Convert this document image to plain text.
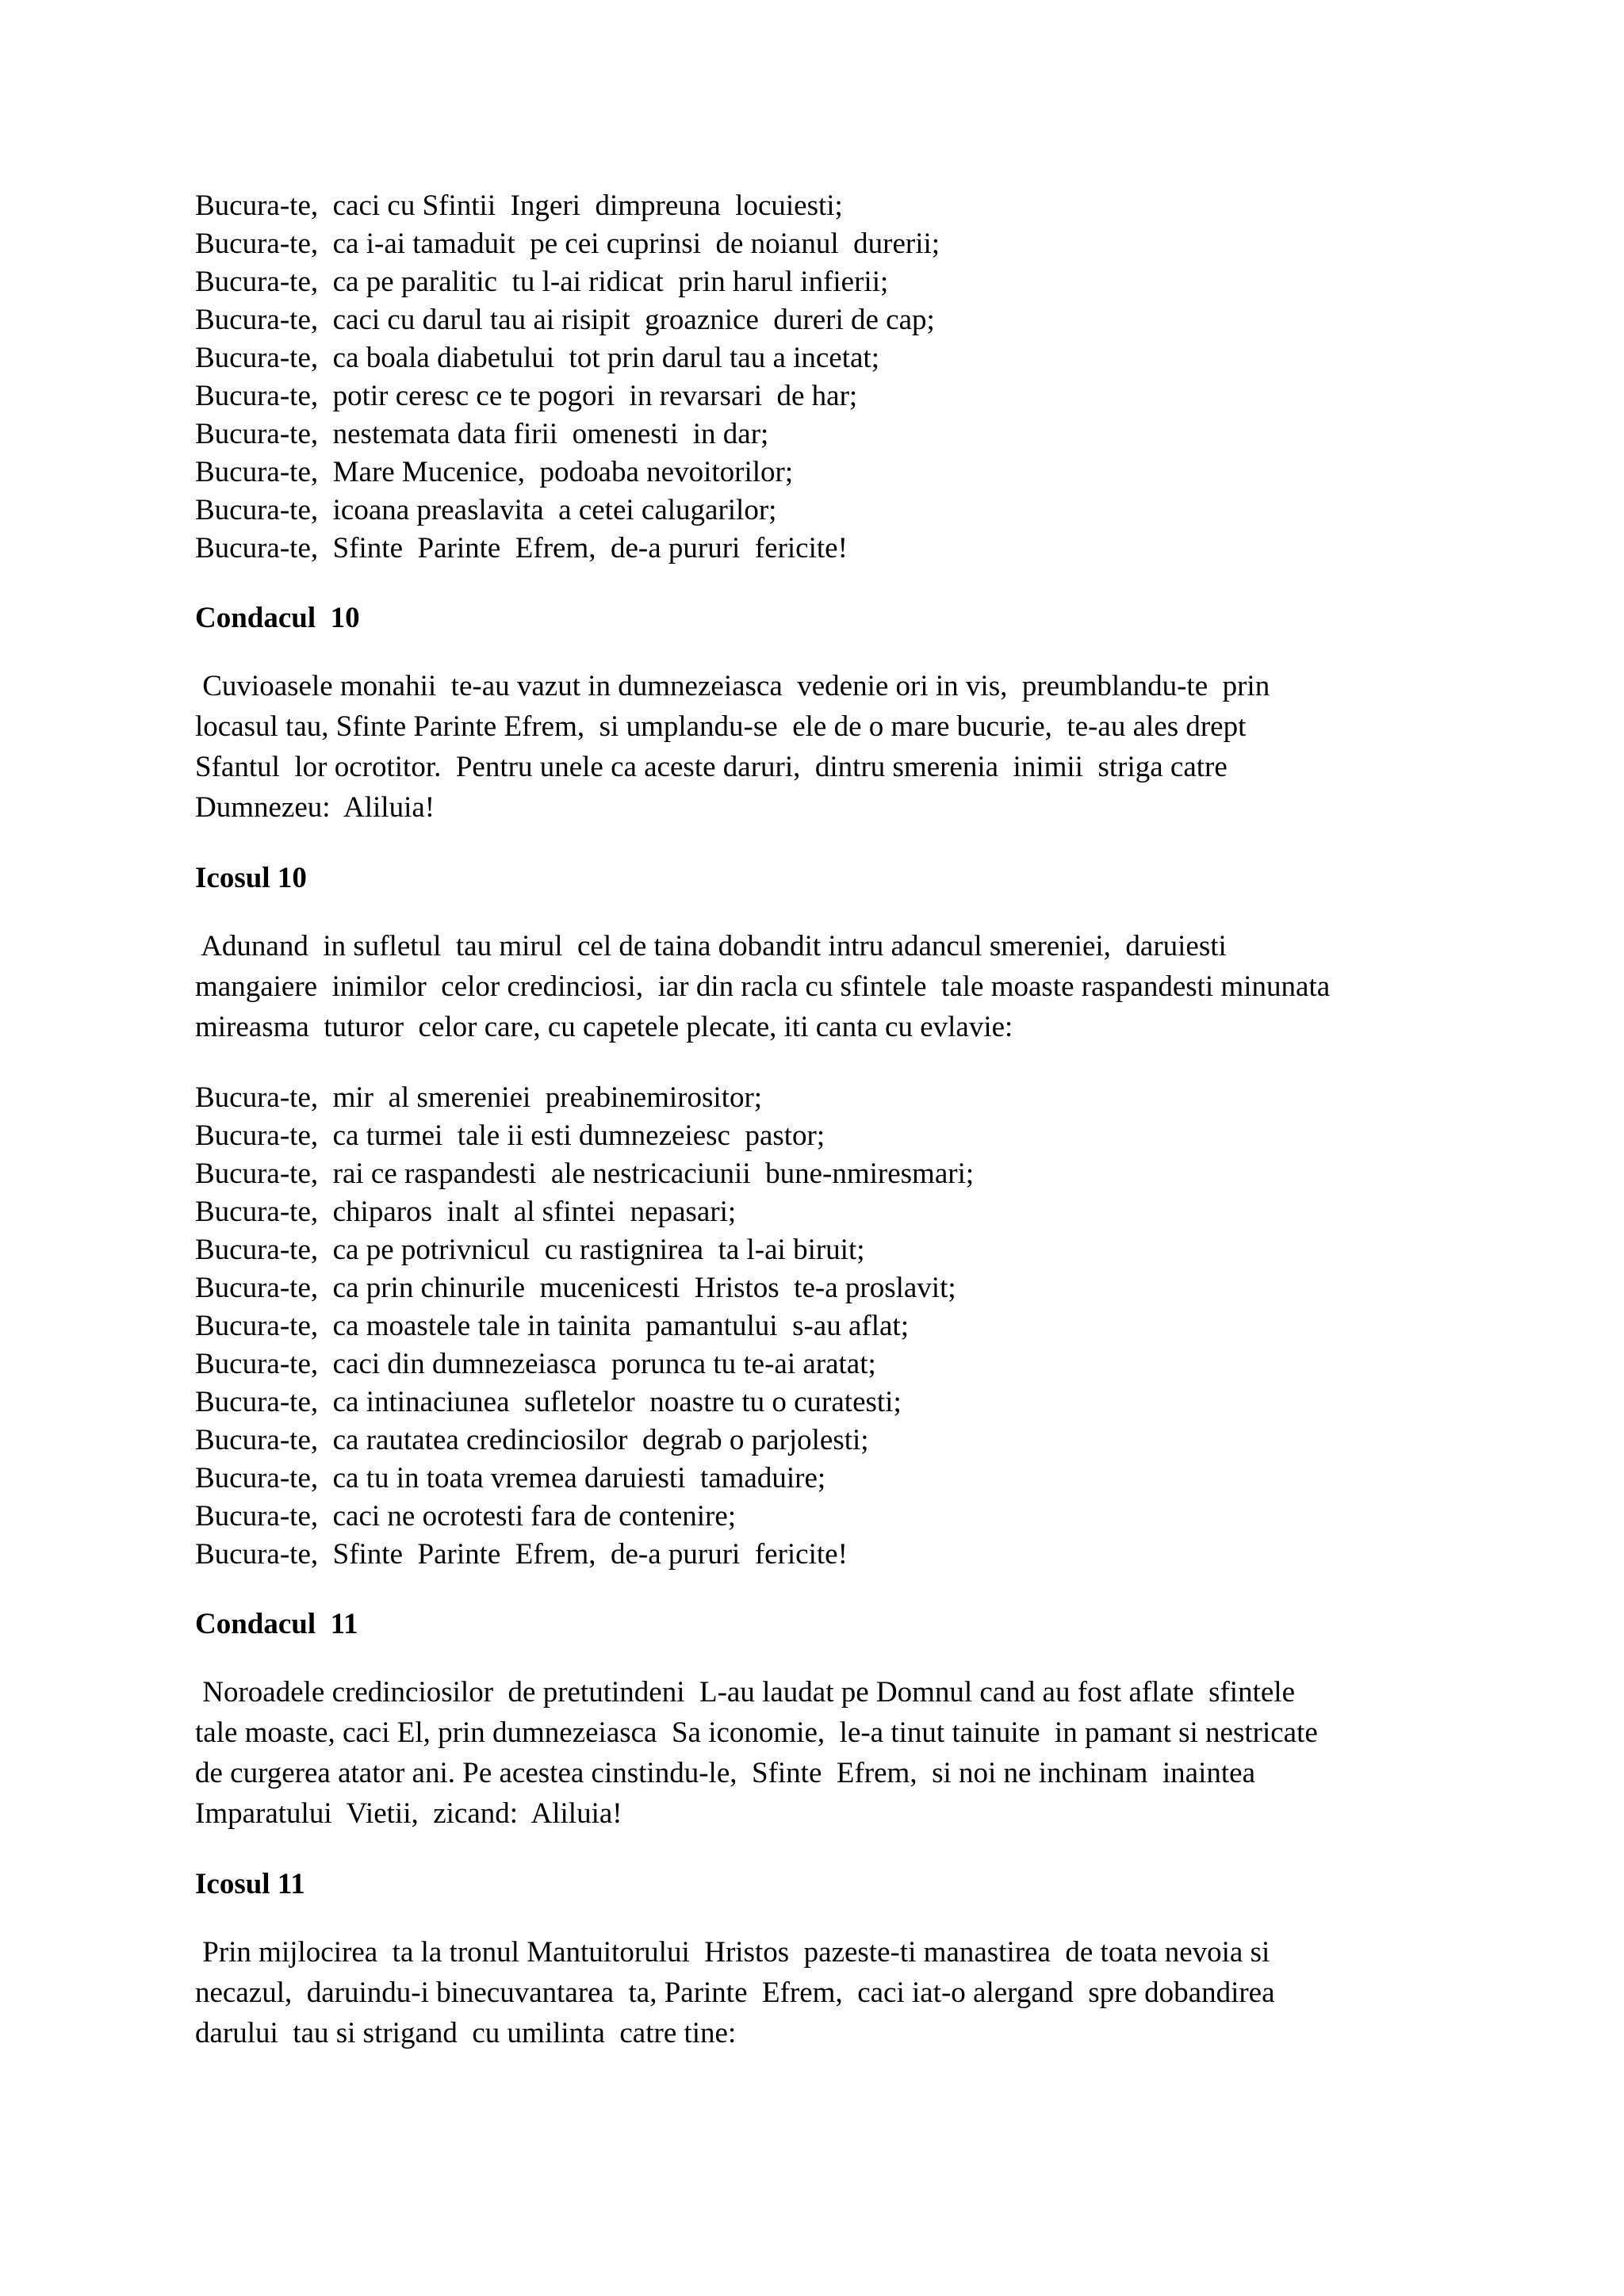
Bucura-te,  caci cu Sfintii  Ingeri  dimpreuna  locuiesti;

Bucura-te,  ca i-ai tamaduit  pe cei cuprinsi  de noianul  durerii;

Bucura-te,  ca pe paralitic  tu l-ai ridicat  prin harul infierii;

Bucura-te,  caci cu darul tau ai risipit  groaznice  dureri de cap;

Bucura-te,  ca boala diabetului  tot prin darul tau a incetat;

Bucura-te,  potir ceresc ce te pogori  in revarsari  de har;

Bucura-te,  nestemata data firii  omenesti  in dar;

Bucura-te,  Mare Mucenice,  podoaba nevoitorilor;

Bucura-te,  icoana preaslavita  a cetei calugarilor;

Bucura-te,  Sfinte  Parinte  Efrem,  de-a pururi  fericite!

Condacul  10

Cuvioasele monahii  te-au vazut in dumnezeiasca  vedenie ori in vis,  preumblandu-te  prin

locasul tau, Sfinte Parinte Efrem,  si umplandu-se  ele de o mare bucurie,  te-au ales drept

Sfantul  lor ocrotitor.  Pentru unele ca aceste daruri,  dintru smerenia  inimii  striga catre

Dumnezeu:  Aliluia!

Icosul 10

Adunand  in sufletul  tau mirul  cel de taina dobandit intru adancul smereniei,  daruiesti

mangaiere  inimilor  celor credinciosi,  iar din racla cu sfintele  tale moaste raspandesti minunata

mireasma  tuturor  celor care, cu capetele plecate, iti canta cu evlavie:

Bucura-te,  mir  al smereniei  preabinemirositor;

Bucura-te,  ca turmei  tale ii esti dumnezeiesc  pastor;

Bucura-te,  rai ce raspandesti  ale nestricaciunii  bune-nmiresmari;

Bucura-te,  chiparos  inalt  al sfintei  nepasari;

Bucura-te,  ca pe potrivnicul  cu rastignirea  ta l-ai biruit;

Bucura-te,  ca prin chinurile  mucenicesti  Hristos  te-a proslavit;

Bucura-te,  ca moastele tale in tainita  pamantului  s-au aflat;

Bucura-te,  caci din dumnezeiasca  porunca tu te-ai aratat;

Bucura-te,  ca intinaciunea  sufletelor  noastre tu o curatesti;

Bucura-te,  ca rautatea credinciosilor  degrab o parjolesti;

Bucura-te,  ca tu in toata vremea daruiesti  tamaduire;

Bucura-te,  caci ne ocrotesti fara de contenire;

Bucura-te,  Sfinte  Parinte  Efrem,  de-a pururi  fericite!

Condacul  11

Noroadele credinciosilor  de pretutindeni  L-au laudat pe Domnul cand au fost aflate  sfintele

tale moaste, caci El, prin dumnezeiasca  Sa iconomie,  le-a tinut tainuite  in pamant si nestricate

de curgerea atator ani. Pe acestea cinstindu-le,  Sfinte  Efrem,  si noi ne inchinam  inaintea

Imparatului  Vietii,  zicand:  Aliluia!

Icosul 11

Prin mijlocirea  ta la tronul Mantuitorului  Hristos  pazeste-ti manastirea  de toata nevoia si

necazul,  daruindu-i binecuvantarea  ta, Parinte  Efrem,  caci iat-o alergand  spre dobandirea

darului  tau si strigand  cu umilinta  catre tine:
